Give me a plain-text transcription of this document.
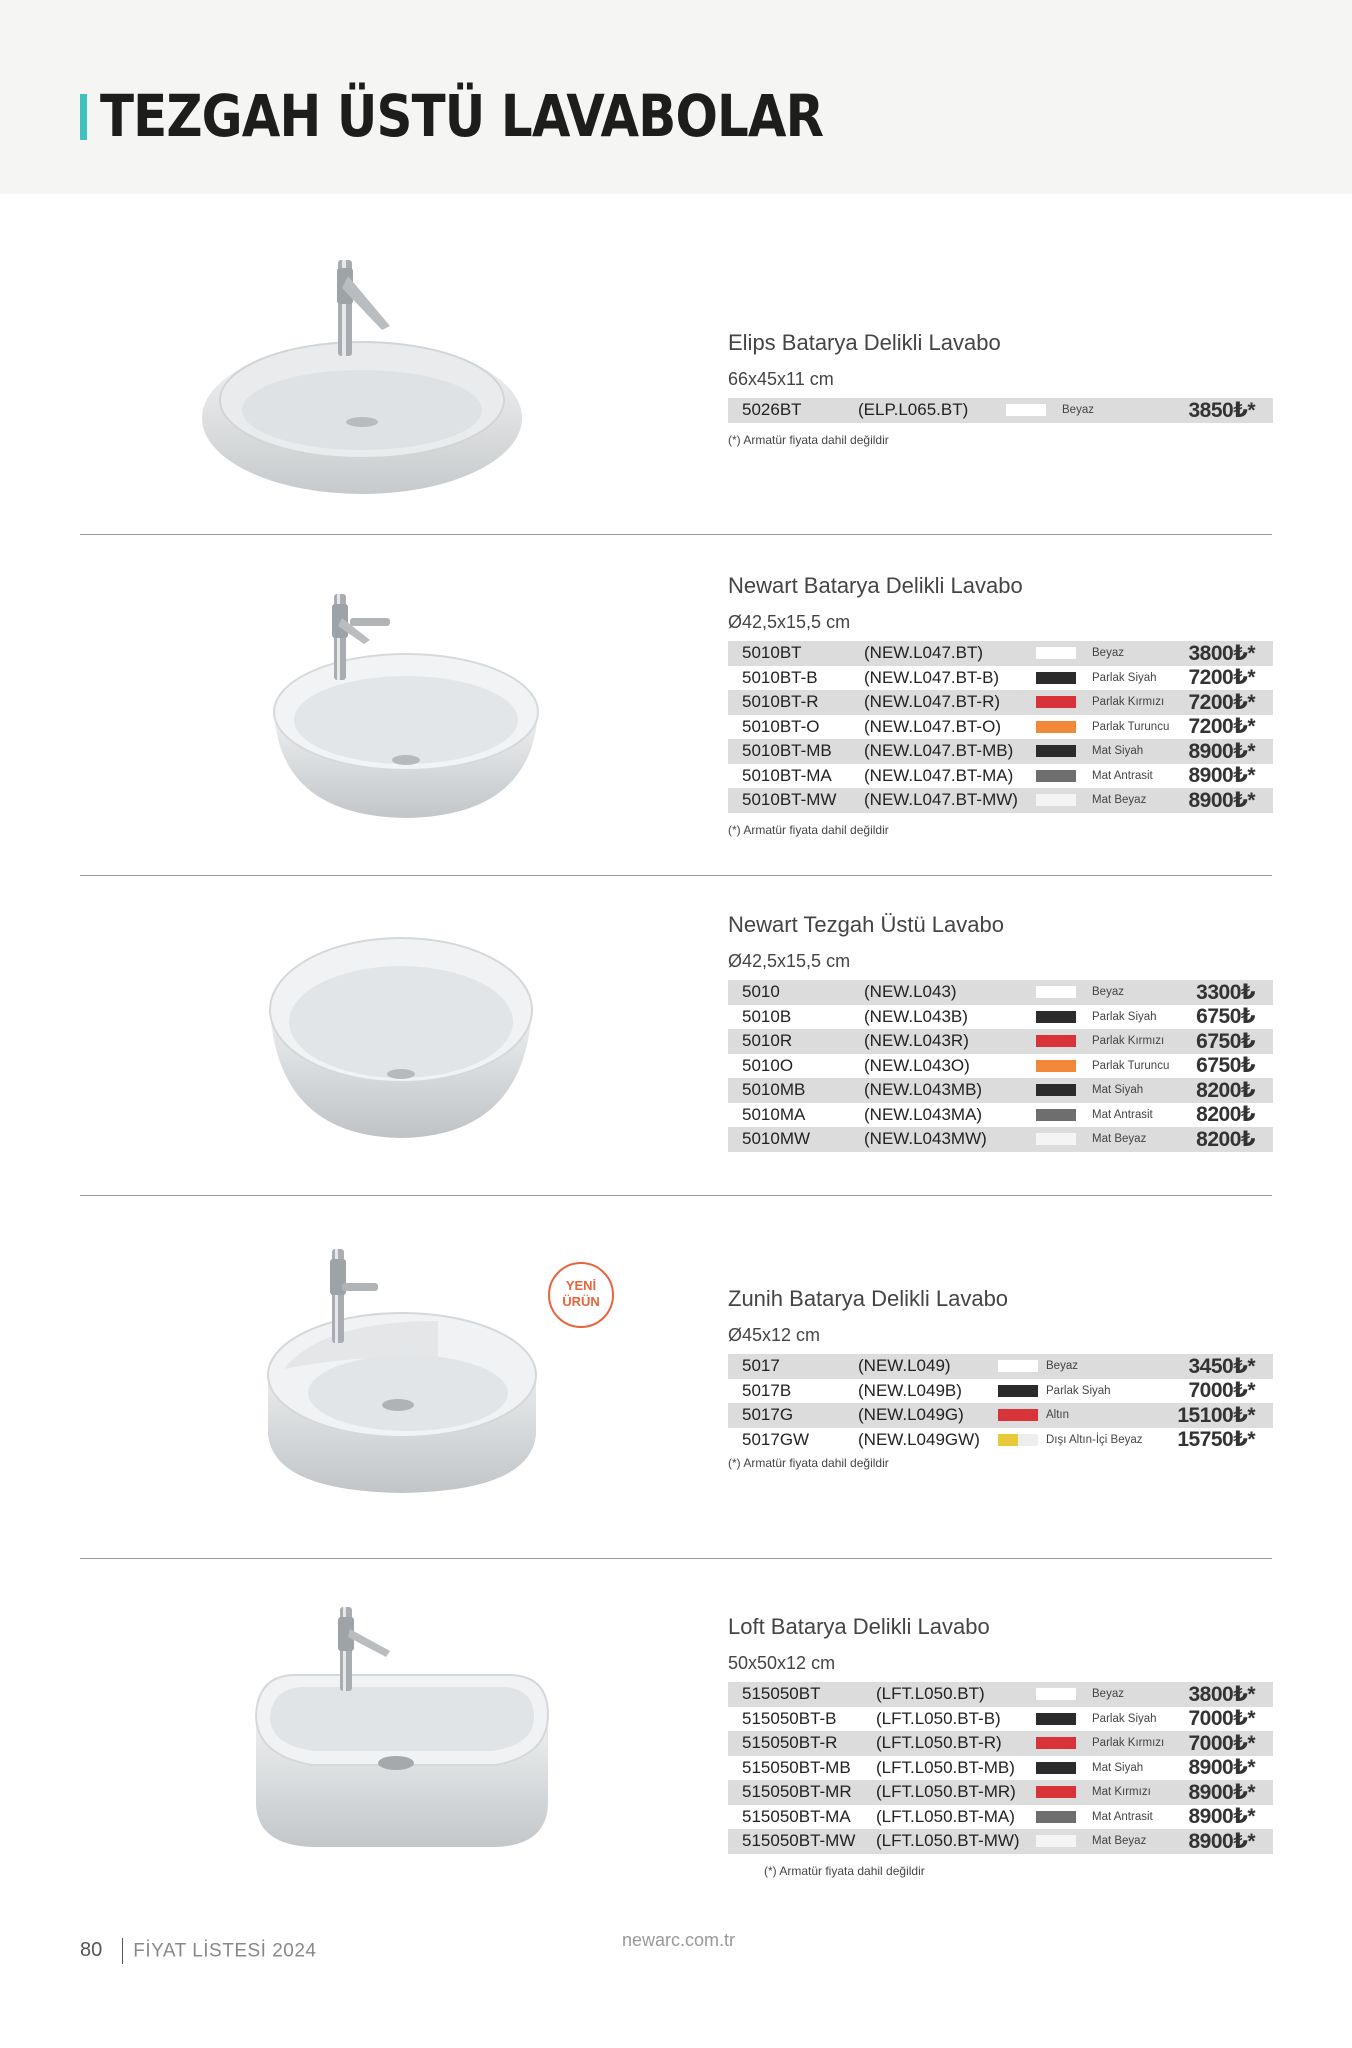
TEZGAH ÜSTÜ LAVABOLAR
YENİ
ÜRÜN
Elips Batarya Delikli Lavabo
66x45x11 cm
5026BT	(ELP.L065.BT)	Beyaz	3850₺*
(*) Armatür fiyata dahil değildir
Newart Batarya Delikli Lavabo
Ø42,5x15,5 cm
5010BT	(NEW.L047.BT)	Beyaz	3800₺*
5010BT-B	(NEW.L047.BT-B)	Parlak Siyah 7200₺*
5010BT-R	(NEW.L047.BT-R)	Parlak Kırmızı 7200₺*
5010BT-O	(NEW.L047.BT-O)	Parlak Turuncu 7200₺*
5010BT-MB (NEW.L047.BT-MB)	Mat Siyah 8900₺*
5010BT-MA (NEW.L047.BT-MA)	Mat Antrasit 8900₺*
5010BT-MW (NEW.L047.BT-MW)	Mat Beyaz 8900₺*
(*) Armatür fiyata dahil değildir
Newart Tezgah Üstü Lavabo
Ø42,5x15,5 cm
5010	(NEW.L043)	Beyaz	3300₺
5010B	(NEW.L043B)	Parlak Siyah 6750₺
5010R	(NEW.L043R)	Parlak Kırmızı 6750₺
5010O	(NEW.L043O)	Parlak Turuncu 6750₺
5010MB	(NEW.L043MB)	Mat Siyah	8200₺
5010MA	(NEW.L043MA)	Mat Antrasit 8200₺
5010MW	(NEW.L043MW)	Mat Beyaz 8200₺
Zunih Batarya Delikli Lavabo
Ø45x12 cm
5017	(NEW.L049)	Beyaz	3450₺*
5017B	(NEW.L049B)	Parlak Siyah	7000₺*
5017G	(NEW.L049G)	Altın	15100₺*
5017GW	(NEW.L049GW)	Dışı Altın-İçi Beyaz 15750₺*
(*) Armatür fiyata dahil değildir
Loft Batarya Delikli Lavabo
50x50x12 cm
515050BT	(LFT.L050.BT)	Beyaz	3800₺*
515050BT-B (LFT.L050.BT-B)	Parlak Siyah 7000₺*
515050BT-R (LFT.L050.BT-R)	Parlak Kırmızı 7000₺*
515050BT-MB (LFT.L050.BT-MB)	Mat Siyah 8900₺*
515050BT-MR (LFT.L050.BT-MR)	Mat Kırmızı 8900₺*
515050BT-MA (LFT.L050.BT-MA)	Mat Antrasit 8900₺*
515050BT-MW (LFT.L050.BT-MW)	Mat Beyaz 8900₺*
(*) Armatür fiyata dahil değildir
80 FİYAT LİSTESİ 2024
newarc.com.tr
